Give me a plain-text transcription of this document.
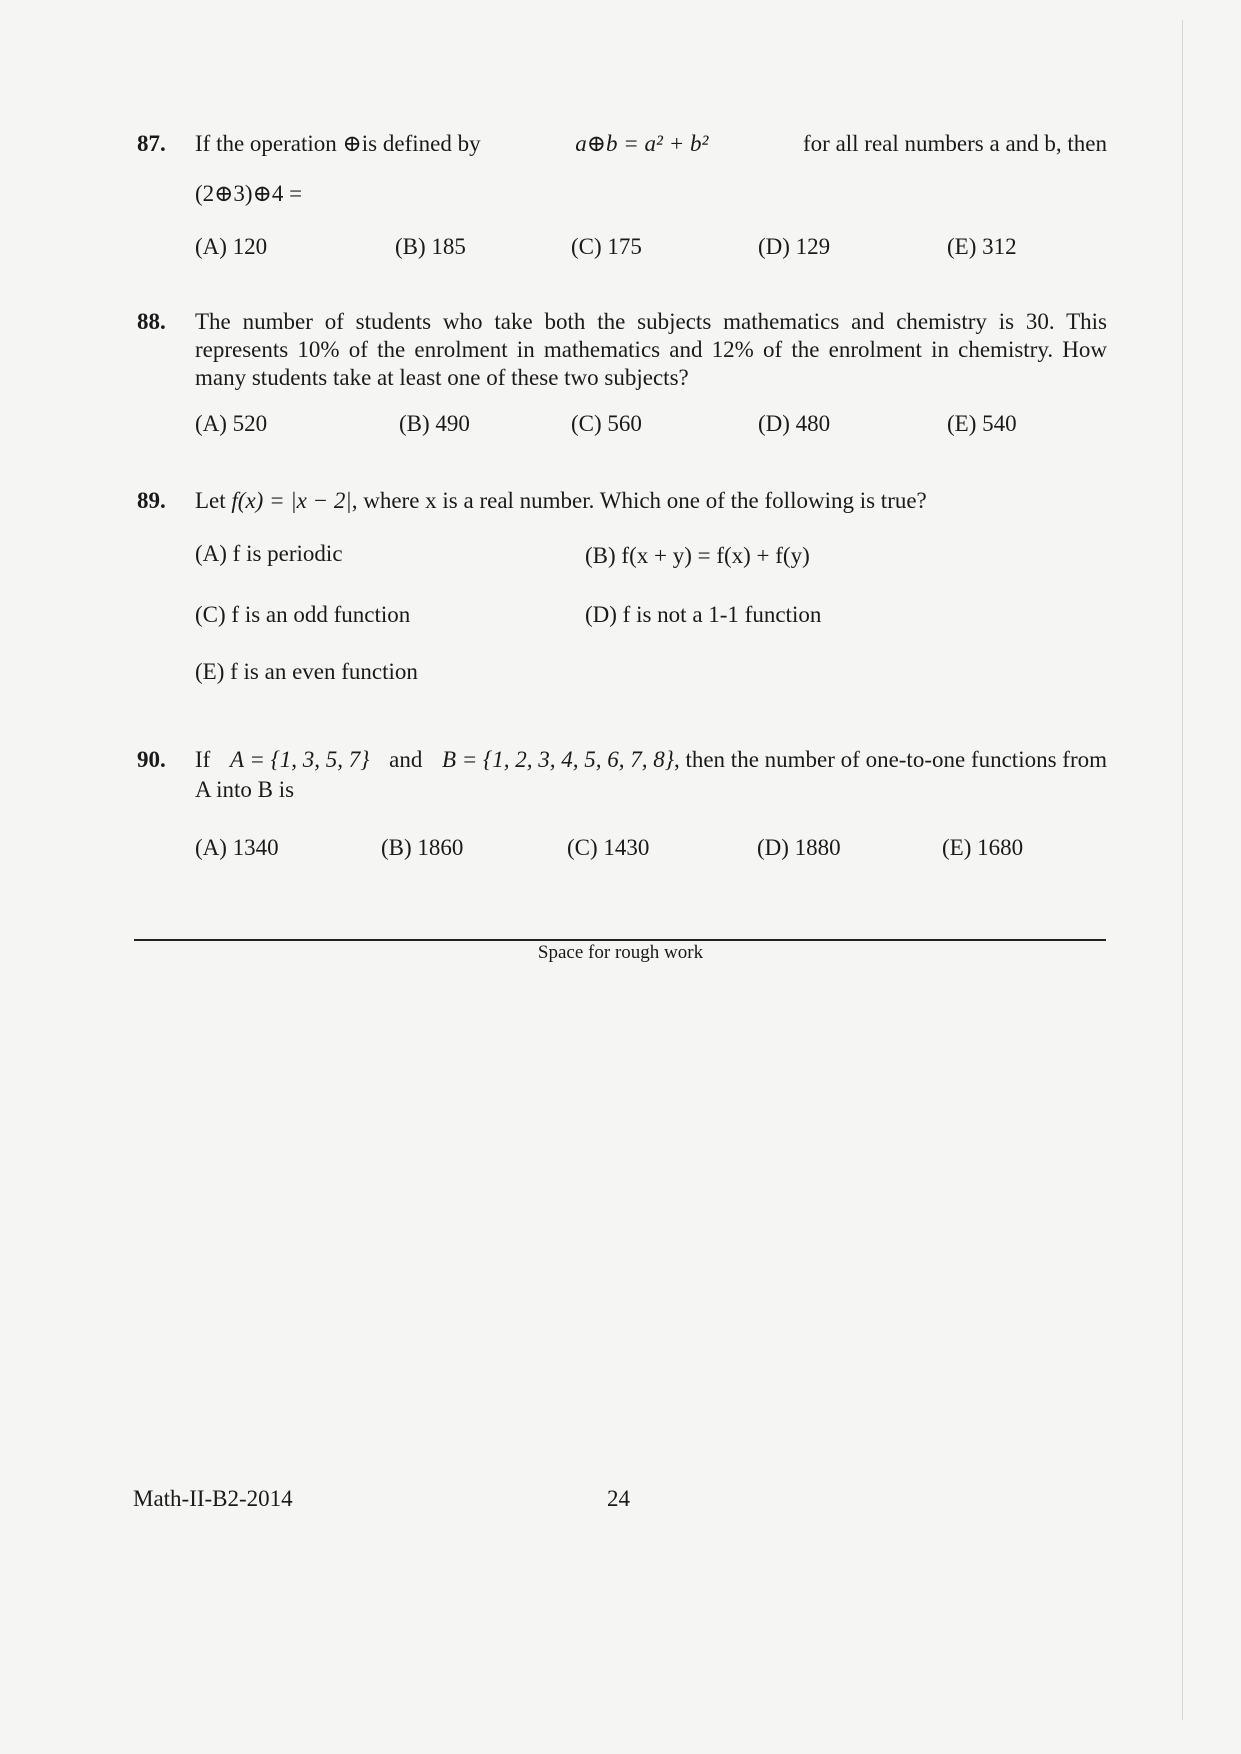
87. If the operation ⊕is defined by	a⊕b = a² + b²	for all real numbers a and b, then
(2⊕3)⊕4 =
(A) 120	(B) 185	(C) 175	(D) 129	(E) 312
88. The number of students who take both the subjects mathematics and chemistry is 30. This represents 10% of the enrolment in mathematics and 12% of the enrolment in chemistry. How many students take at least one of these two subjects?
(A) 520	(B) 490	(C) 560	(D) 480	(E) 540
89. Let f(x) = |x − 2|, where x is a real number. Which one of the following is true?
(A) f is periodic	(B) f(x + y) = f(x) + f(y)
(C) f is an odd function	(D) f is not a 1-1 function
(E) f is an even function
90. If A = {1, 3, 5, 7} and B = {1, 2, 3, 4, 5, 6, 7, 8}, then the number of one-to-one functions from
A into B is
(A) 1340	(B) 1860	(C) 1430	(D) 1880	(E) 1680
Space for rough work
Math-II-B2-2014	24
